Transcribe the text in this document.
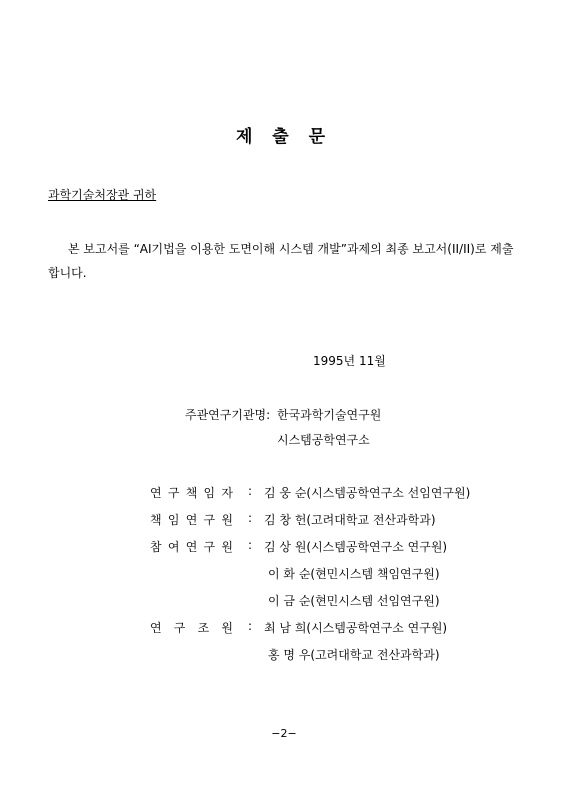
제 출 문
과학기술처장관 귀하
본 보고서를 “AI기법을 이용한 도면이해 시스템 개발”과제의 최종 보고서(II/II)로 제출
합니다.
1995년 11월
주관연구기관명: 한국과학기술연구원
시스템공학연구소
연 구 책 임 자 : 김 웅 순(시스템공학연구소 선임연구원)
책 임 연 구 원 : 김 창 헌(고려대학교 전산과학과)
참 여 연 구 원 : 김 상 원(시스템공학연구소 연구원)
이 화 순(현민시스템 책임연구원)
이 금 순(현민시스템 선임연구원)
연 구 조 원 : 최 남 희(시스템공학연구소 연구원)
홍 명 우(고려대학교 전산과학과)
−2−
